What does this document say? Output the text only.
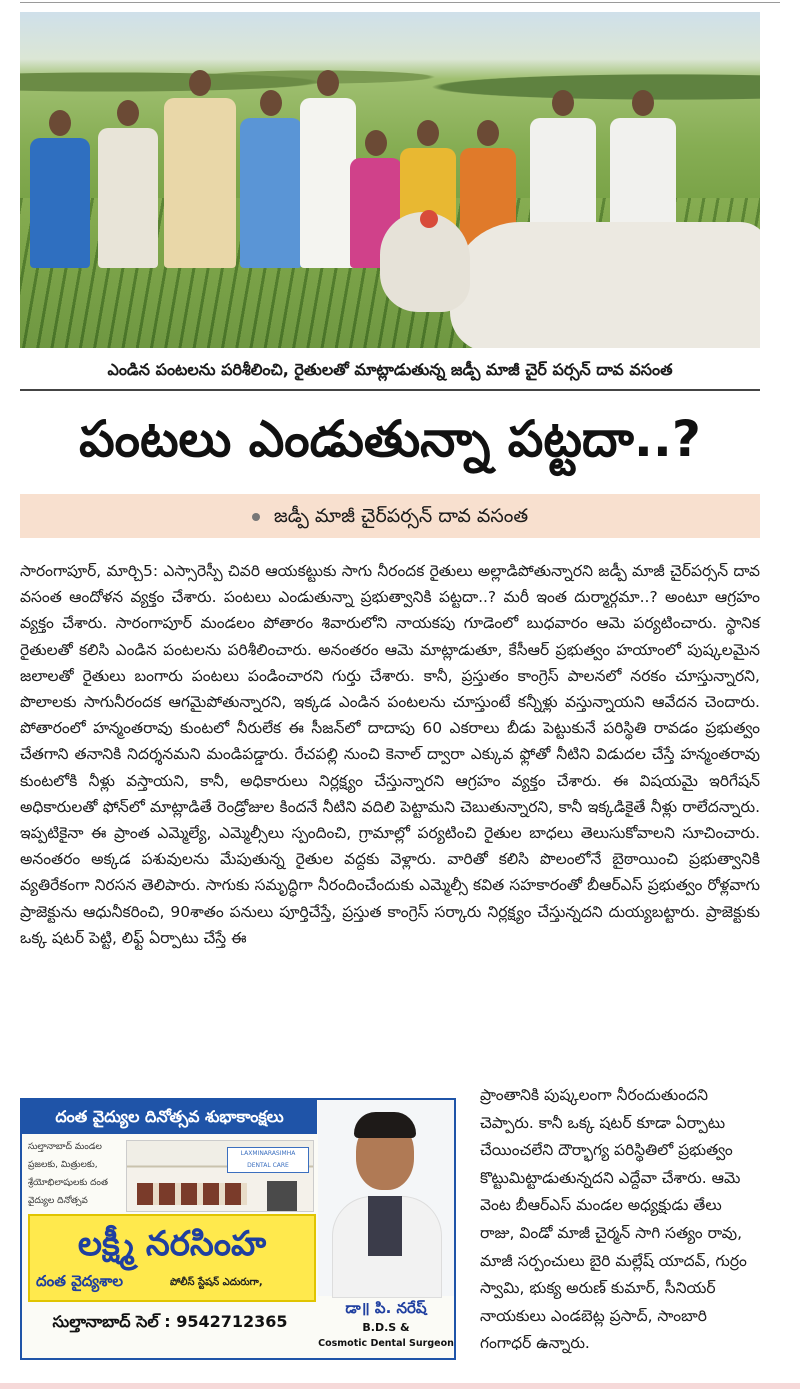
ఎండిన పంటలను పరిశీలించి, రైతులతో మాట్లాడుతున్న జడ్పీ మాజీ చైర్ పర్సన్ దావ వసంత
పంటలు ఎండుతున్నా పట్టదా..?
జడ్పీ మాజీ చైర్‌పర్సన్ దావ వసంత

సారంగాపూర్, మార్చి5: ఎస్సారెస్పీ చివరి ఆయకట్టుకు సాగు నీరందక రైతులు అల్లాడిపోతున్నారని జడ్పీ మాజీ చైర్‌పర్సన్ దావ వసంత ఆందోళన వ్యక్తం చేశారు. పంటలు ఎండుతున్నా ప్రభుత్వానికి పట్టదా..? మరీ ఇంత దుర్మార్గమా..? అంటూ ఆగ్రహం వ్యక్తం చేశారు. సారంగాపూర్ మండలం పోతారం శివారులోని నాయకపు గూడెంలో బుధవారం ఆమె పర్యటించారు. స్థానిక రైతులతో కలిసి ఎండిన పంటలను పరిశీలించారు. అనంతరం ఆమె మాట్లాడుతూ, కేసీఆర్ ప్రభుత్వం హయాంలో పుష్కలమైన జలాలతో రైతులు బంగారు పంటలు పండించారని గుర్తు చేశారు. కానీ, ప్రస్తుతం కాంగ్రెస్ పాలనలో నరకం చూస్తున్నారని, పొలాలకు సాగునీరందక ఆగమైపోతున్నారని, ఇక్కడ ఎండిన పంటలను చూస్తుంటే కన్నీళ్లు వస్తున్నాయని ఆవేదన చెందారు. పోతారంలో హన్మంతరావు కుంటలో నీరులేక ఈ సీజన్‌లో దాదాపు 60 ఎకరాలు బీడు పెట్టుకునే పరిస్థితి రావడం ప్రభుత్వం చేతగాని తనానికి నిదర్శనమని మండిపడ్డారు. రేచపల్లి నుంచి కెనాల్ ద్వారా ఎక్కువ ఫ్లోతో నీటిని విడుదల చేస్తే హన్మంతరావు కుంటలోకి నీళ్లు వస్తాయని, కానీ, అధికారులు నిర్లక్ష్యం చేస్తున్నారని ఆగ్రహం వ్యక్తం చేశారు. ఈ విషయమై ఇరిగేషన్ అధికారులతో ఫోన్‌లో మాట్లాడితే రెండ్రోజుల కిందనే నీటిని వదిలి పెట్టామని చెబుతున్నారని, కానీ ఇక్కడికైతే నీళ్లు రాలేదన్నారు. ఇప్పటికైనా ఈ ప్రాంత ఎమ్మెల్యే, ఎమ్మెల్సీలు స్పందించి, గ్రామాల్లో పర్యటించి రైతుల బాధలు తెలుసుకోవాలని సూచించారు. అనంతరం అక్కడ పశువులను మేపుతున్న రైతుల వద్దకు వెళ్లారు. వారితో కలిసి పొలంలోనే బైఠాయించి ప్రభుత్వానికి వ్యతిరేకంగా నిరసన తెలిపారు. సాగుకు సమృద్ధిగా నీరందించేందుకు ఎమ్మెల్సీ కవిత సహకారంతో బీఆర్ఎస్ ప్రభుత్వం రోళ్లవాగు ప్రాజెక్టును ఆధునీకరించి, 90శాతం పనులు పూర్తిచేస్తే, ప్రస్తుత కాంగ్రెస్ సర్కారు నిర్లక్ష్యం చేస్తున్నదని దుయ్యబట్టారు. ప్రాజెక్టుకు ఒక్క షటర్ పెట్టి, లిఫ్ట్ ఏర్పాటు చేస్తే ఈ

ప్రాంతానికి పుష్కలంగా నీరందుతుందని చెప్పారు. కానీ ఒక్క షటర్ కూడా ఏర్పాటు చేయించలేని దౌర్భాగ్య పరిస్థితిలో ప్రభుత్వం కొట్టుమిట్టాడుతున్నదని ఎద్దేవా చేశారు. ఆమె వెంట బీఆర్ఎస్ మండల అధ్యక్షుడు తేలు రాజు, విండో మాజీ చైర్మన్ సాగి సత్యం రావు, మాజీ సర్పంచులు బైరి మల్లేష్ యాదవ్, గుర్రం స్వామి, భుక్య అరుణ్ కుమార్, సీనియర్ నాయకులు ఎండబెట్ల ప్రసాద్, సాంబారి గంగాధర్ ఉన్నారు.

దంత వైద్యుల దినోత్సవ శుభాకాంక్షలు
సుల్తానాబాద్ మండల ప్రజలకు, మిత్రులకు, శ్రేయోభిలాషులకు దంత వైద్యుల దినోత్సవ
LAXMINARASIMHA DENTAL CARE
లక్ష్మీ నరసింహ
దంత వైద్యశాల	పోలీస్ స్టేషన్ ఎదురుగా,
సుల్తానాబాద్ సెల్ : 9542712365
డా॥ పి. నరేష్
B.D.S &
Cosmotic Dental Surgeon
